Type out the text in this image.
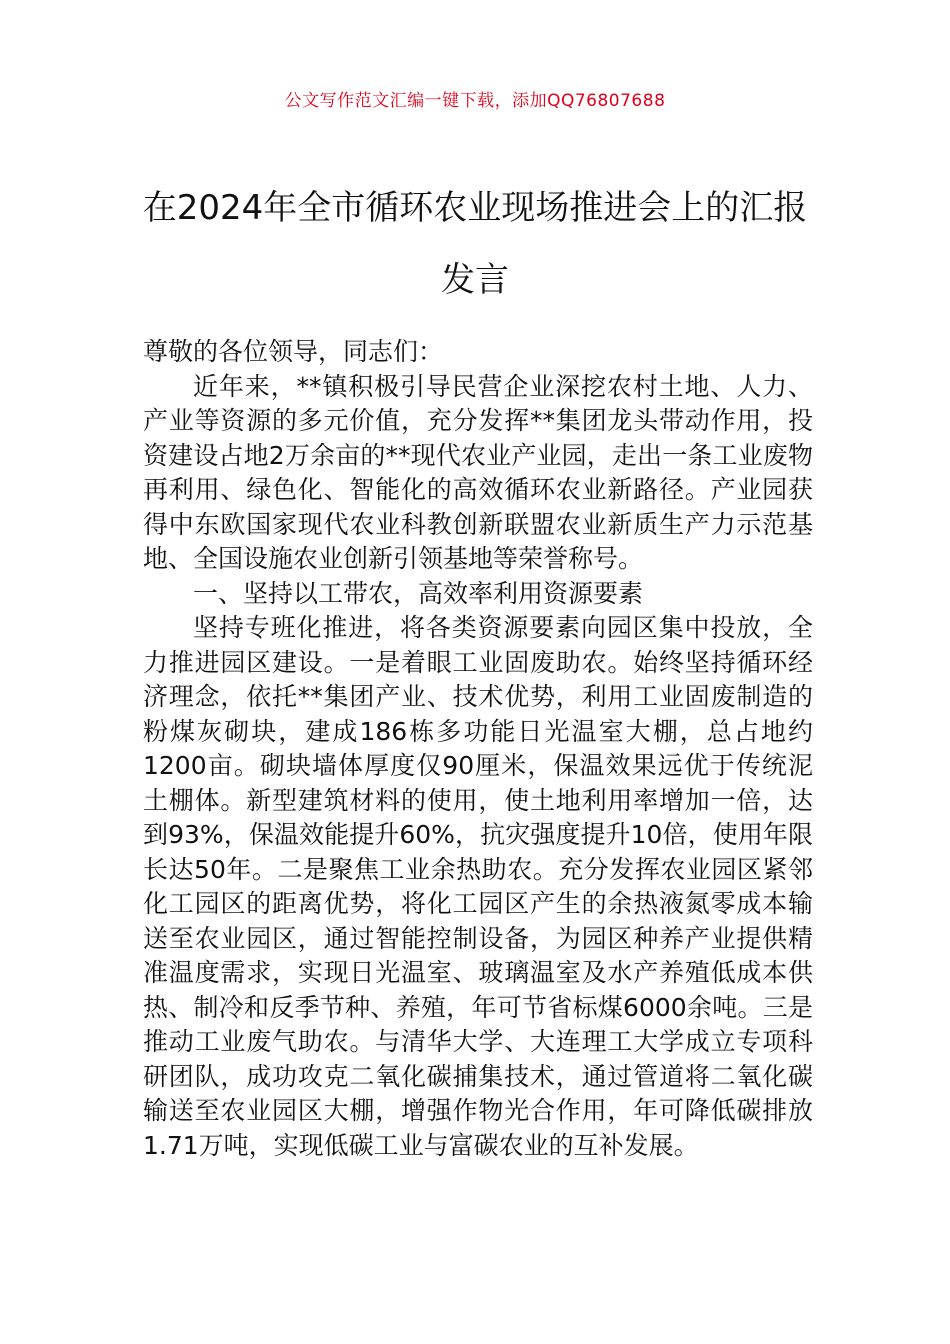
公文写作范文汇编一键下载，添加QQ76807688
在2024年全市循环农业现场推进会上的汇报发言

尊敬的各位领导，同志们：

近年来，**镇积极引导民营企业深挖农村土地、人力、产业等资源的多元价值，充分发挥**集团龙头带动作用，投资建设占地2万余亩的**现代农业产业园，走出一条工业废物再利用、绿色化、智能化的高效循环农业新路径。产业园获得中东欧国家现代农业科教创新联盟农业新质生产力示范基地、全国设施农业创新引领基地等荣誉称号。

一、坚持以工带农，高效率利用资源要素

坚持专班化推进，将各类资源要素向园区集中投放，全力推进园区建设。一是着眼工业固废助农。始终坚持循环经济理念，依托**集团产业、技术优势，利用工业固废制造的粉煤灰砌块，建成186栋多功能日光温室大棚，总占地约1200亩。砌块墙体厚度仅90厘米，保温效果远优于传统泥土棚体。新型建筑材料的使用，使土地利用率增加一倍，达到93%，保温效能提升60%，抗灾强度提升10倍，使用年限长达50年。二是聚焦工业余热助农。充分发挥农业园区紧邻化工园区的距离优势，将化工园区产生的余热液氮零成本输送至农业园区，通过智能控制设备，为园区种养产业提供精准温度需求，实现日光温室、玻璃温室及水产养殖低成本供热、制冷和反季节种、养殖，年可节省标煤6000余吨。三是推动工业废气助农。与清华大学、大连理工大学成立专项科研团队，成功攻克二氧化碳捕集技术，通过管道将二氧化碳输送至农业园区大棚，增强作物光合作用，年可降低碳排放1.71万吨，实现低碳工业与富碳农业的互补发展。
